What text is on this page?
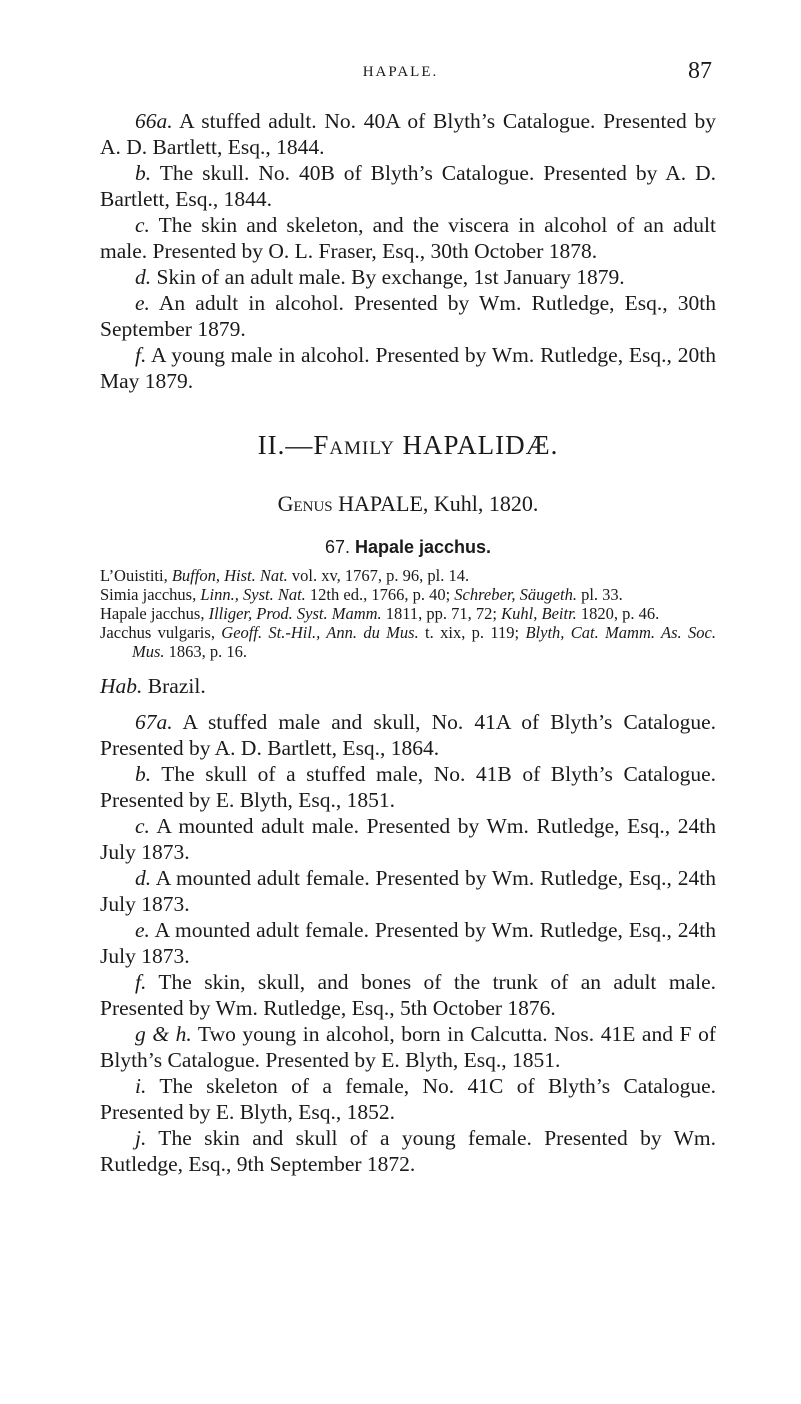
HAPALE.	87

66a. A stuffed adult. No. 40A of Blyth’s Catalogue. Presented by A. D. Bartlett, Esq., 1844.

b. The skull. No. 40B of Blyth’s Catalogue. Presented by A. D. Bartlett, Esq., 1844.

c. The skin and skeleton, and the viscera in alcohol of an adult male. Presented by O. L. Fraser, Esq., 30th October 1878.

d. Skin of an adult male. By exchange, 1st January 1879.

e. An adult in alcohol. Presented by Wm. Rutledge, Esq., 30th September 1879.

f. A young male in alcohol. Presented by Wm. Rutledge, Esq., 20th May 1879.

II.—Family HAPALIDÆ.
Genus HAPALE, Kuhl, 1820.
67. Hapale jacchus.

L’Ouistiti, Buffon, Hist. Nat. vol. xv, 1767, p. 96, pl. 14.

Simia jacchus, Linn., Syst. Nat. 12th ed., 1766, p. 40; Schreber, Säugeth. pl. 33.

Hapale jacchus, Illiger, Prod. Syst. Mamm. 1811, pp. 71, 72; Kuhl, Beitr. 1820, p. 46.

Jacchus vulgaris, Geoff. St.-Hil., Ann. du Mus. t. xix, p. 119; Blyth, Cat. Mamm. As. Soc. Mus. 1863, p. 16.

Hab. Brazil.

67a. A stuffed male and skull, No. 41A of Blyth’s Catalogue. Presented by A. D. Bartlett, Esq., 1864.

b. The skull of a stuffed male, No. 41B of Blyth’s Catalogue. Presented by E. Blyth, Esq., 1851.

c. A mounted adult male. Presented by Wm. Rutledge, Esq., 24th July 1873.

d. A mounted adult female. Presented by Wm. Rutledge, Esq., 24th July 1873.

e. A mounted adult female. Presented by Wm. Rutledge, Esq., 24th July 1873.

f. The skin, skull, and bones of the trunk of an adult male. Presented by Wm. Rutledge, Esq., 5th October 1876.

g & h. Two young in alcohol, born in Calcutta. Nos. 41E and F of Blyth’s Catalogue. Presented by E. Blyth, Esq., 1851.

i. The skeleton of a female, No. 41C of Blyth’s Catalogue. Presented by E. Blyth, Esq., 1852.

j. The skin and skull of a young female. Presented by Wm. Rutledge, Esq., 9th September 1872.
